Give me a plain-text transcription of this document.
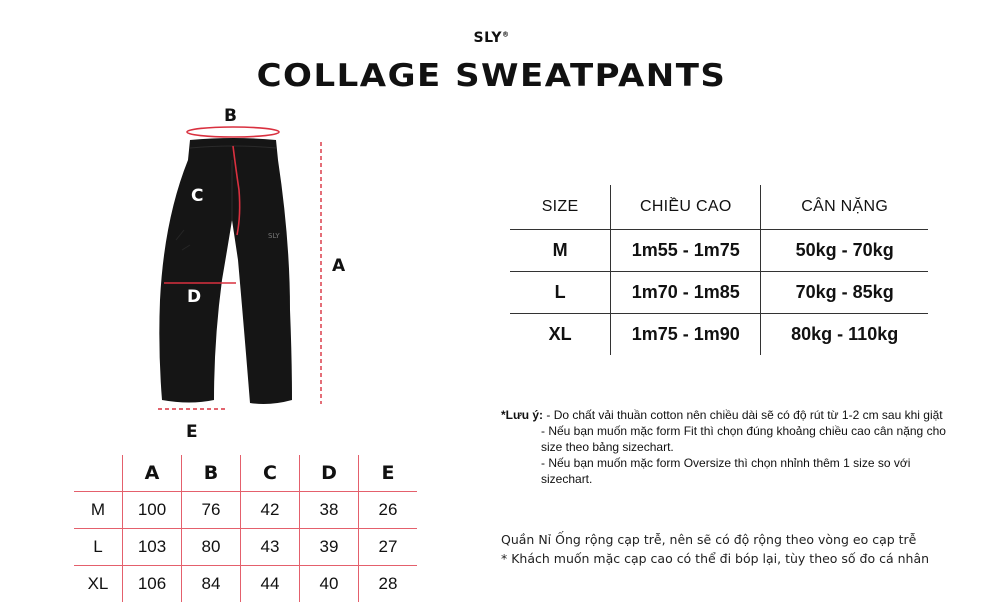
SLY®
COLLAGE SWEATPANTS
SLY
B
C
A
D
E
SIZE	CHIỀU CAO	CÂN NẶNG
M	1m55 - 1m75	50kg - 70kg
L	1m70 - 1m85	70kg - 85kg
XL	1m75 - 1m90	80kg - 110kg
	A	B	C	D	E
M	100	76	42	38	26
L	103	80	43	39	27
XL	106	84	44	40	28
*Lưu ý: - Do chất vải thuần cotton nên chiều dài sẽ có độ rút từ 1-2 cm sau khi giặt
- Nếu bạn muốn mặc form Fit thì chọn đúng khoảng chiều cao cân nặng cho size theo bảng sizechart.
- Nếu bạn muốn mặc form Oversize thì chọn nhỉnh thêm 1 size so với sizechart.
Quần Nỉ Ống rộng cạp trễ, nên sẽ có độ rộng theo vòng eo cạp trễ
* Khách muốn mặc cạp cao có thể đi bóp lại, tùy theo số đo cá nhân
